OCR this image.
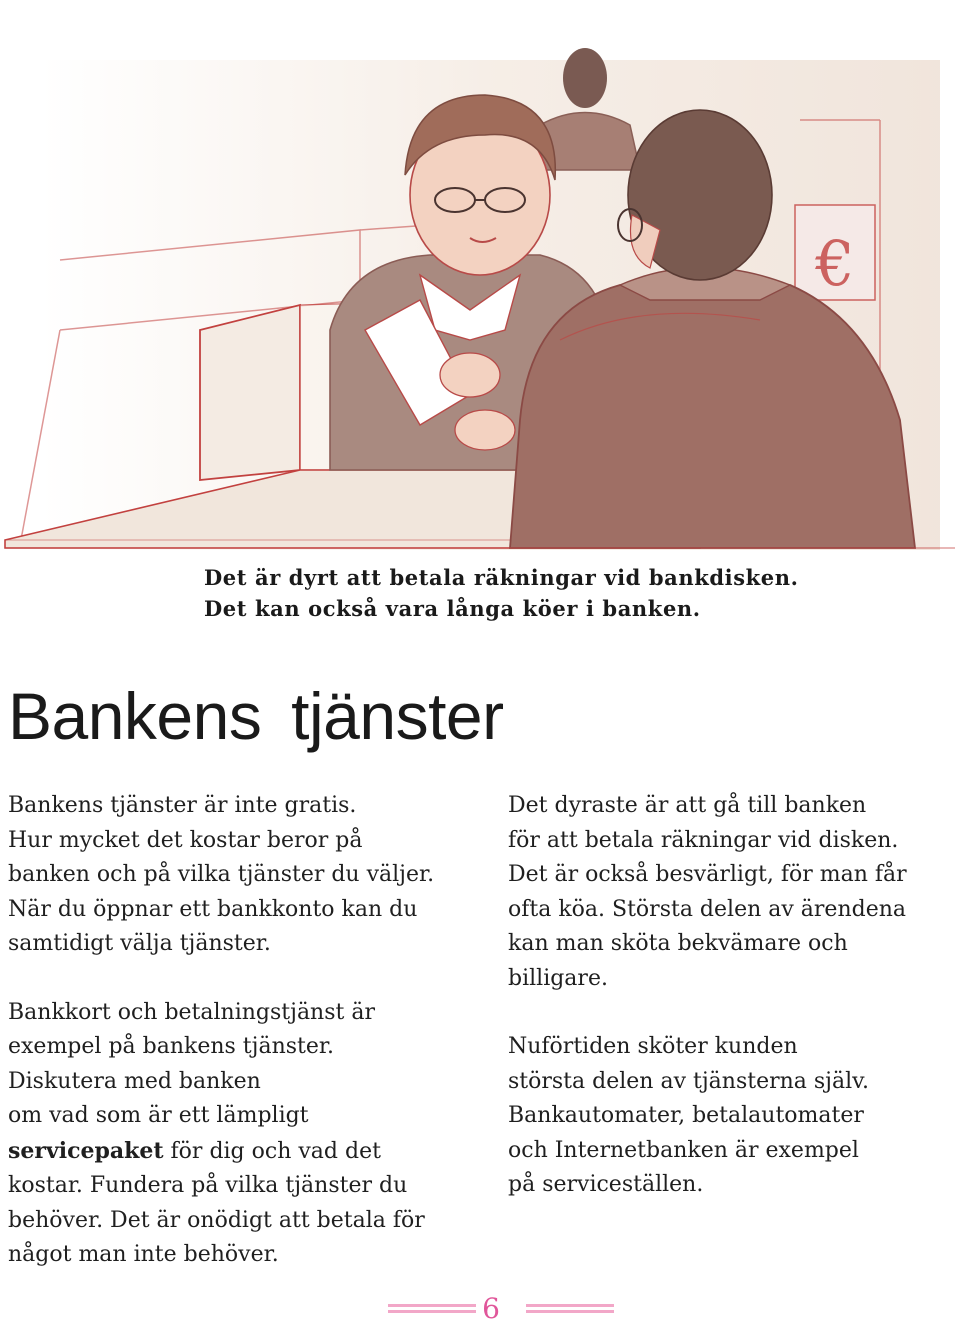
€
Det är dyrt att betala räkningar vid bankdisken.
Det kan också vara långa köer i banken.
Bankens tjänster

Bankens tjänster är inte gratis.
Hur mycket det kostar beror på
banken och på vilka tjänster du väljer.
När du öppnar ett bankkonto kan du
samtidigt välja tjänster.

Bankkort och betalningstjänst är
exempel på bankens tjänster.
Diskutera med banken
om vad som är ett lämpligt
servicepaket för dig och vad det
kostar. Fundera på vilka tjänster du
behöver. Det är onödigt att betala för
något man inte behöver.

Det dyraste är att gå till banken
för att betala räkningar vid disken.
Det är också besvärligt, för man får
ofta köa. Största delen av ärendena
kan man sköta bekvämare och
billigare.

Nuförtiden sköter kunden
största delen av tjänsterna själv.
Bankautomater, betalautomater
och Internetbanken är exempel
på serviceställen.

6
